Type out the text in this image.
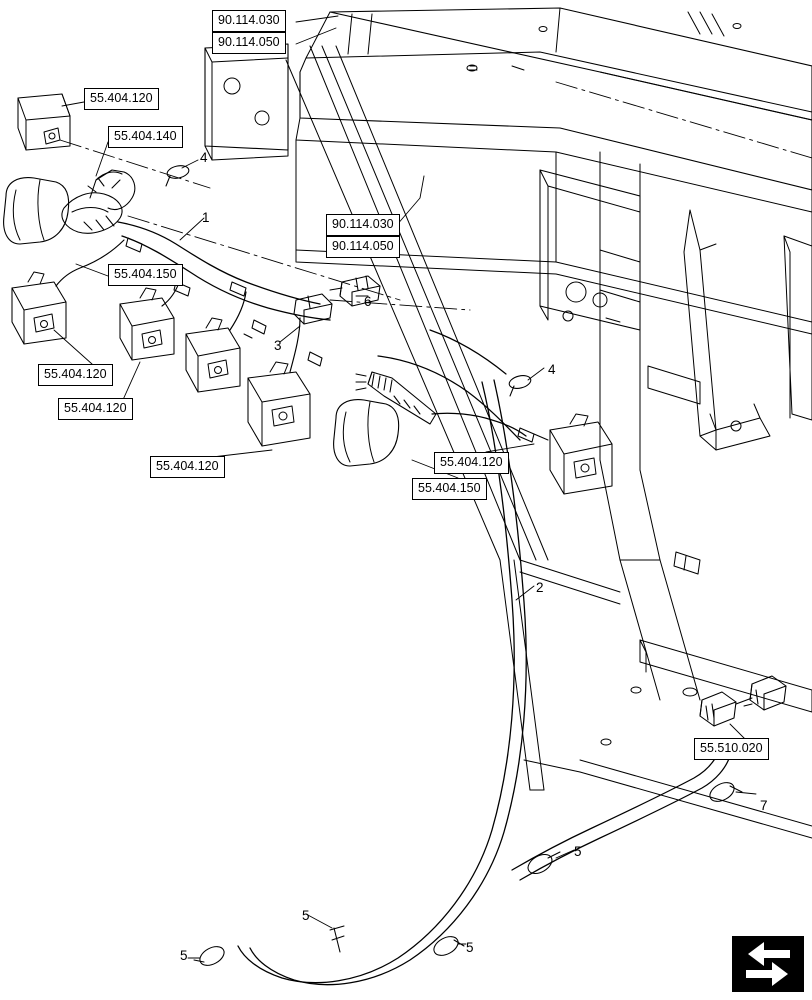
90.114.030
90.114.050
55.404.120
55.404.140
90.114.030
90.114.050
55.404.150
55.404.120
55.404.120
55.404.120	55.404.120
55.404.150
55.510.020
4
1
6
3
4
2
7
5
5
5
5
